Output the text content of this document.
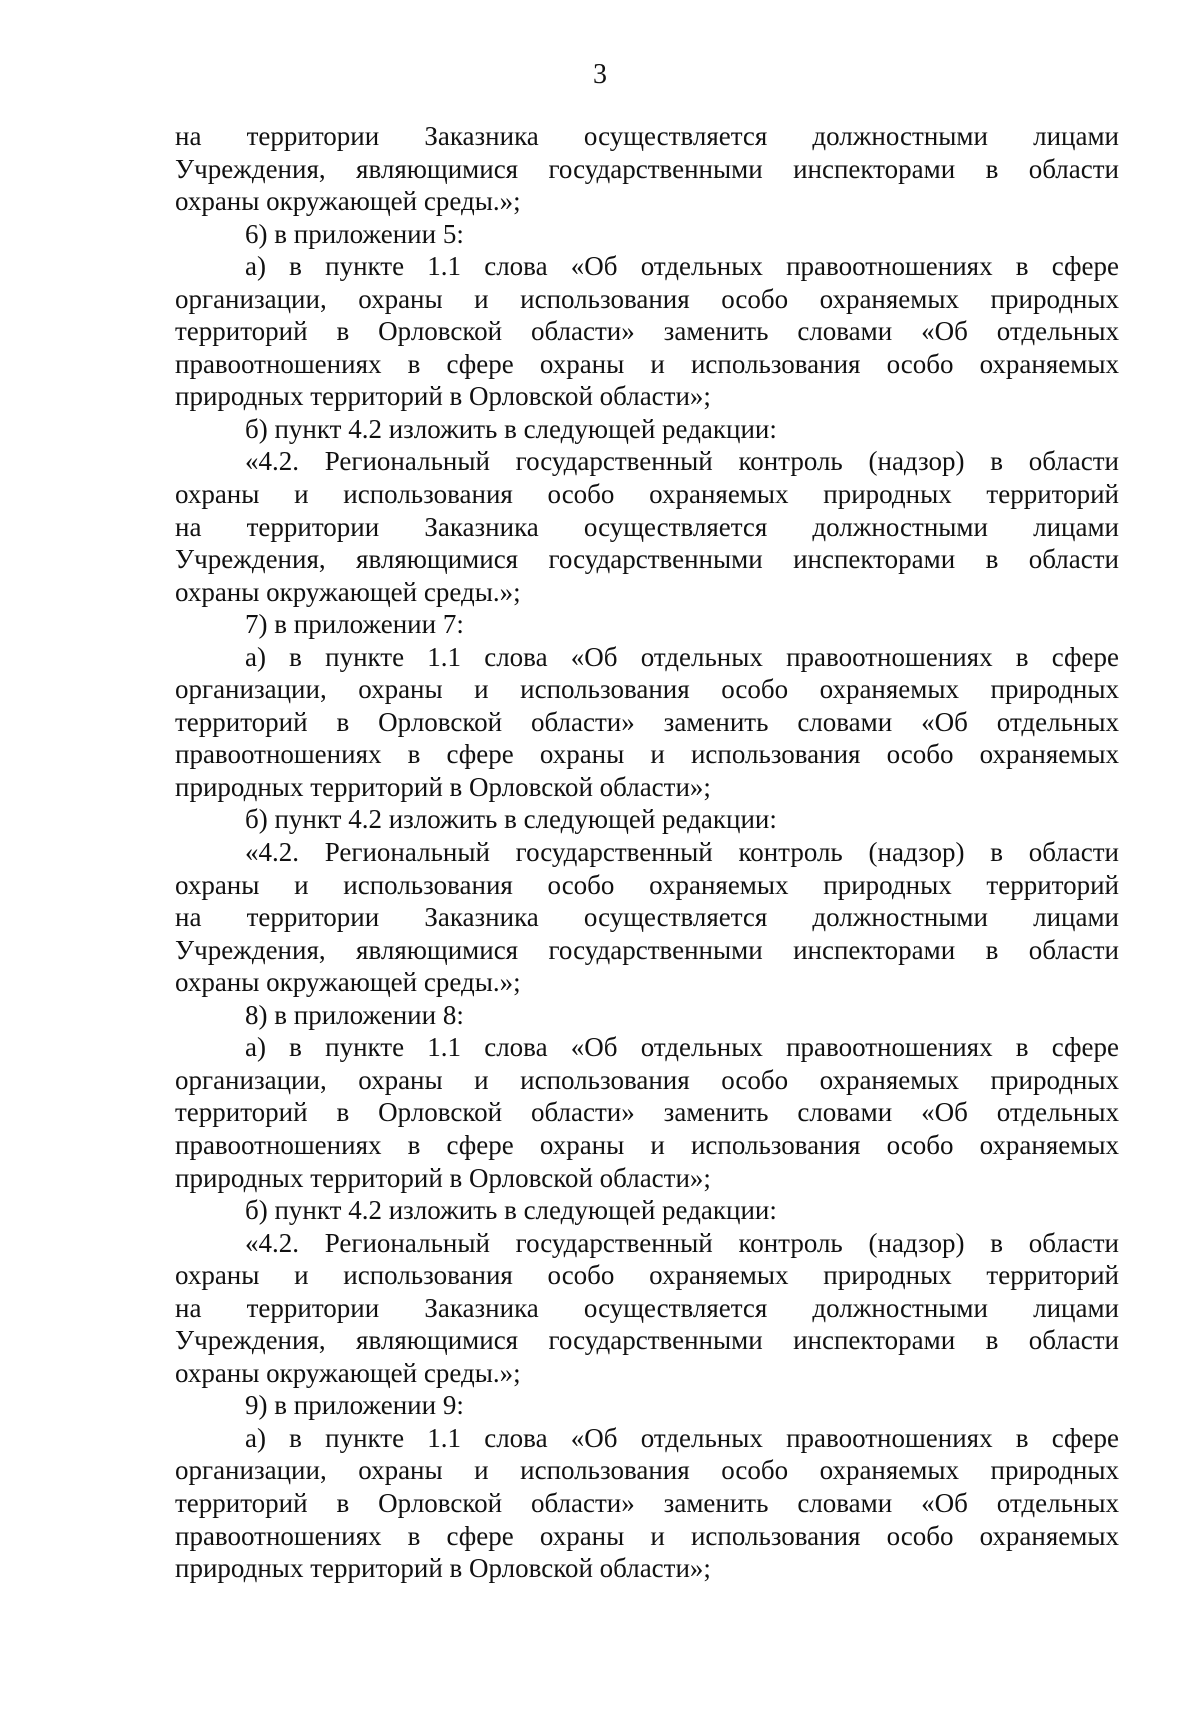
3
на территории Заказника осуществляется должностными лицами
Учреждения, являющимися государственными инспекторами в области
охраны окружающей среды.»;
6) в приложении 5:
а) в пункте 1.1 слова «Об отдельных правоотношениях в сфере
организации, охраны и использования особо охраняемых природных
территорий в Орловской области» заменить словами «Об отдельных
правоотношениях в сфере охраны и использования особо охраняемых
природных территорий в Орловской области»;
б) пункт 4.2 изложить в следующей редакции:
«4.2. Региональный государственный контроль (надзор) в области
охраны и использования особо охраняемых природных территорий
на территории Заказника осуществляется должностными лицами
Учреждения, являющимися государственными инспекторами в области
охраны окружающей среды.»;
7) в приложении 7:
а) в пункте 1.1 слова «Об отдельных правоотношениях в сфере
организации, охраны и использования особо охраняемых природных
территорий в Орловской области» заменить словами «Об отдельных
правоотношениях в сфере охраны и использования особо охраняемых
природных территорий в Орловской области»;
б) пункт 4.2 изложить в следующей редакции:
«4.2. Региональный государственный контроль (надзор) в области
охраны и использования особо охраняемых природных территорий
на территории Заказника осуществляется должностными лицами
Учреждения, являющимися государственными инспекторами в области
охраны окружающей среды.»;
8) в приложении 8:
а) в пункте 1.1 слова «Об отдельных правоотношениях в сфере
организации, охраны и использования особо охраняемых природных
территорий в Орловской области» заменить словами «Об отдельных
правоотношениях в сфере охраны и использования особо охраняемых
природных территорий в Орловской области»;
б) пункт 4.2 изложить в следующей редакции:
«4.2. Региональный государственный контроль (надзор) в области
охраны и использования особо охраняемых природных территорий
на территории Заказника осуществляется должностными лицами
Учреждения, являющимися государственными инспекторами в области
охраны окружающей среды.»;
9) в приложении 9:
а) в пункте 1.1 слова «Об отдельных правоотношениях в сфере
организации, охраны и использования особо охраняемых природных
территорий в Орловской области» заменить словами «Об отдельных
правоотношениях в сфере охраны и использования особо охраняемых
природных территорий в Орловской области»;
